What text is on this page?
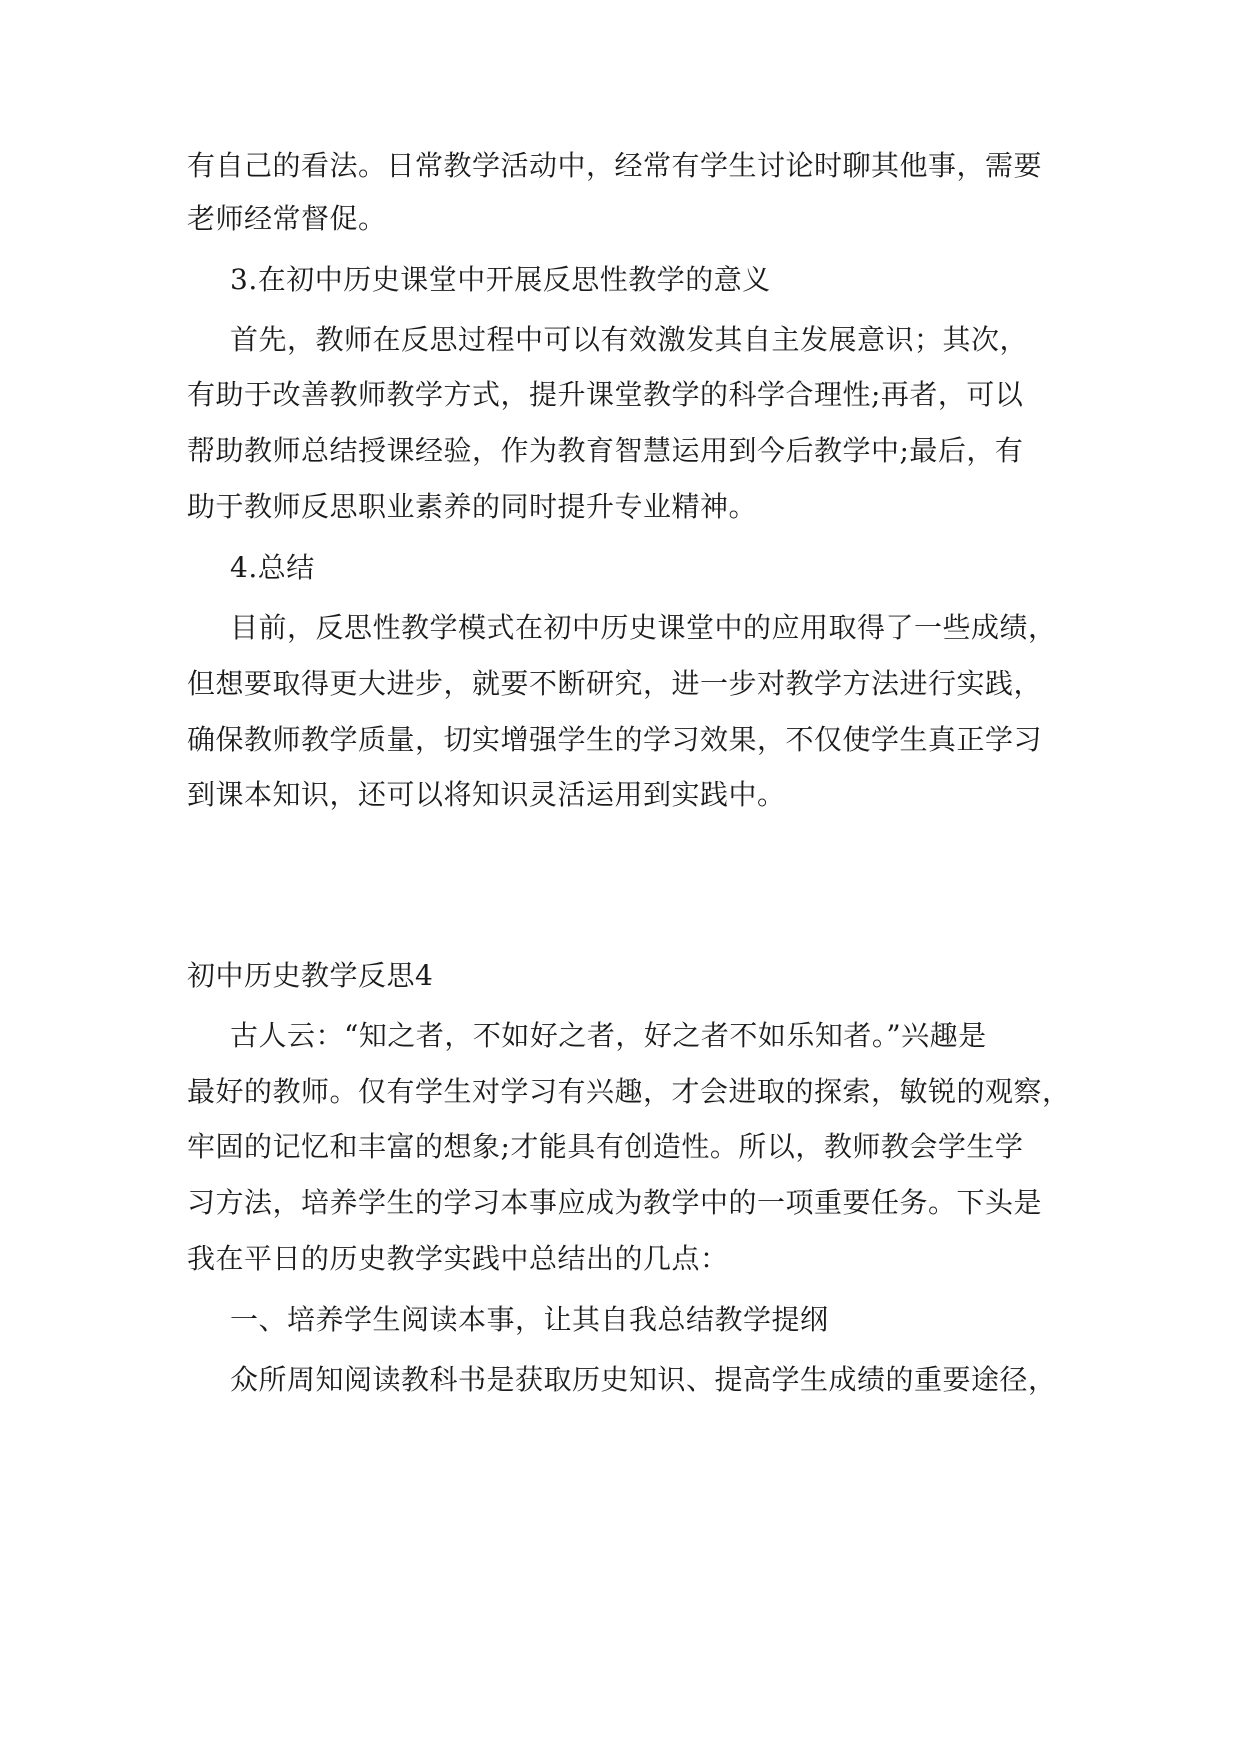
有自己的看法。日常教学活动中，经常有学生讨论时聊其他事，需要
老师经常督促。
3.在初中历史课堂中开展反思性教学的意义
首先，教师在反思过程中可以有效激发其自主发展意识；其次，
有助于改善教师教学方式，提升课堂教学的科学合理性;再者，可以
帮助教师总结授课经验，作为教育智慧运用到今后教学中;最后，有
助于教师反思职业素养的同时提升专业精神。
4.总结
目前，反思性教学模式在初中历史课堂中的应用取得了一些成绩，
但想要取得更大进步，就要不断研究，进一步对教学方法进行实践，
确保教师教学质量，切实增强学生的学习效果，不仅使学生真正学习
到课本知识，还可以将知识灵活运用到实践中。
初中历史教学反思4
古人云：“知之者，不如好之者，好之者不如乐知者。”兴趣是
最好的教师。仅有学生对学习有兴趣，才会进取的探索，敏锐的观察，
牢固的记忆和丰富的想象;才能具有创造性。所以，教师教会学生学
习方法，培养学生的学习本事应成为教学中的一项重要任务。下头是
我在平日的历史教学实践中总结出的几点：
一、培养学生阅读本事，让其自我总结教学提纲
众所周知阅读教科书是获取历史知识、提高学生成绩的重要途径，
